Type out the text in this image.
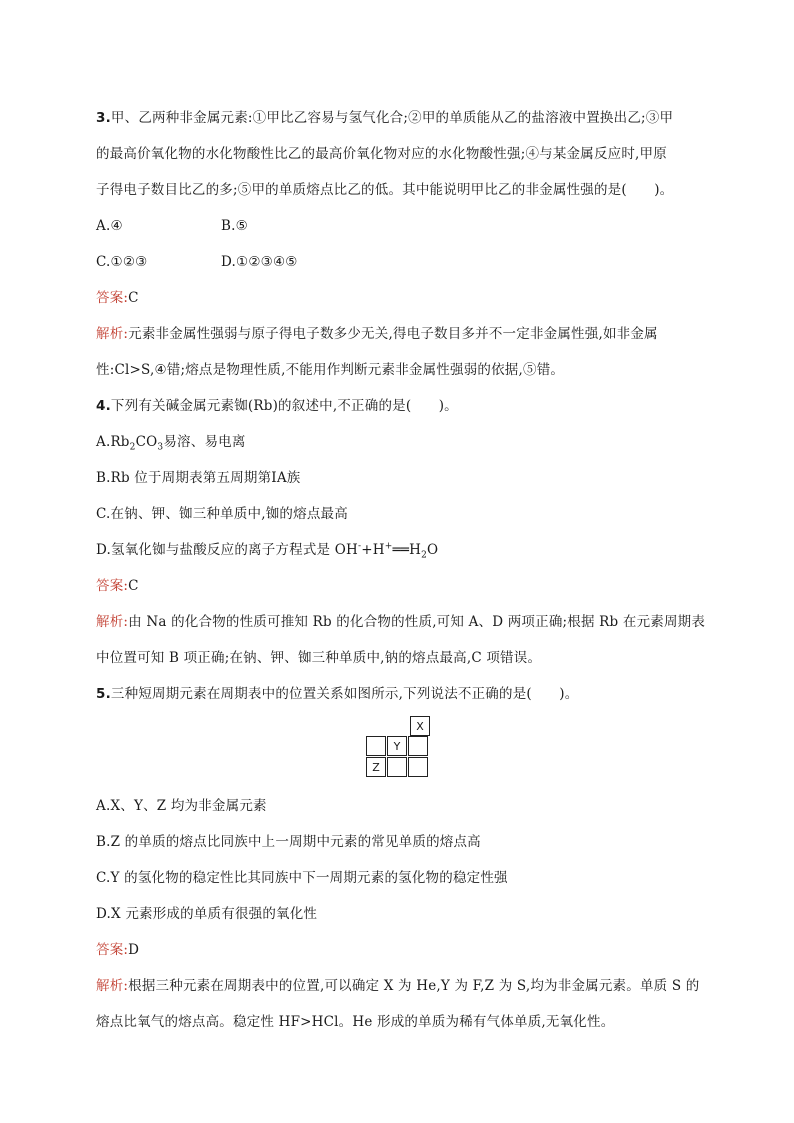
3.甲、乙两种非金属元素:①甲比乙容易与氢气化合;②甲的单质能从乙的盐溶液中置换出乙;③甲
的最高价氧化物的水化物酸性比乙的最高价氧化物对应的水化物酸性强;④与某金属反应时,甲原
子得电子数目比乙的多;⑤甲的单质熔点比乙的低。其中能说明甲比乙的非金属性强的是(　　)。
A.④	B.⑤
C.①②③	D.①②③④⑤
答案:C
解析:元素非金属性强弱与原子得电子数多少无关,得电子数目多并不一定非金属性强,如非金属
性:Cl>S,④错;熔点是物理性质,不能用作判断元素非金属性强弱的依据,⑤错。
4.下列有关碱金属元素铷(Rb)的叙述中,不正确的是(　　)。
$A.Rb_2CO_3$易溶、易电离
B.Rb 位于周期表第五周期第ⅠA族
C.在钠、钾、铷三种单质中,铷的熔点最高
D.氢氧化铷与盐酸反应的离子方程式是 $OH^-+H^+══H_2O$
答案:C
解析:由 Na 的化合物的性质可推知 Rb 的化合物的性质,可知 A、D 两项正确;根据 Rb 在元素周期表
中位置可知 B 项正确;在钠、钾、铷三种单质中,钠的熔点最高,C 项错误。
5.三种短周期元素在周期表中的位置关系如图所示,下列说法不正确的是(　　)。
X
Y
Z
A.X、Y、Z 均为非金属元素
B.Z 的单质的熔点比同族中上一周期中元素的常见单质的熔点高
C.Y 的氢化物的稳定性比其同族中下一周期元素的氢化物的稳定性强
D.X 元素形成的单质有很强的氧化性
答案:D
解析:根据三种元素在周期表中的位置,可以确定 X 为 He,Y 为 F,Z 为 S,均为非金属元素。单质 S 的
熔点比氧气的熔点高。稳定性 HF>HCl。He 形成的单质为稀有气体单质,无氧化性。
